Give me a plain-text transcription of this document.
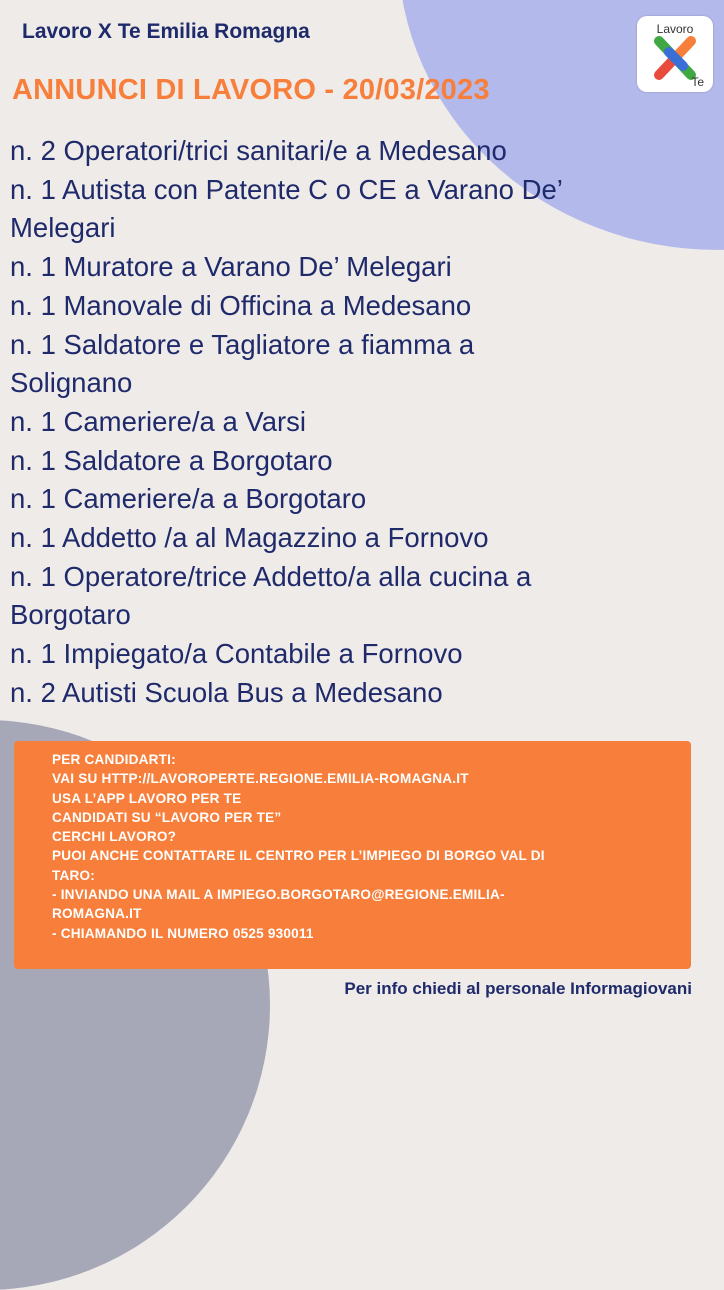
Lavoro X Te Emilia Romagna
ANNUNCI DI LAVORO - 20/03/2023
Lavoro
Te
n. 2 Operatori/trici sanitari/e a Medesano
n. 1 Autista con Patente C o CE a Varano De’
Melegari
n. 1 Muratore a Varano De’ Melegari
n. 1 Manovale di Officina a Medesano
n. 1 Saldatore e Tagliatore a fiamma a
Solignano
n. 1 Cameriere/a a Varsi
n. 1 Saldatore a Borgotaro
n. 1 Cameriere/a a Borgotaro
n. 1 Addetto /a al Magazzino a Fornovo
n. 1 Operatore/trice Addetto/a alla cucina a
Borgotaro
n. 1 Impiegato/a Contabile a Fornovo
n. 2 Autisti Scuola Bus a Medesano
PER CANDIDARTI:
VAI SU HTTP://LAVOROPERTE.REGIONE.EMILIA-ROMAGNA.IT
USA L’APP LAVORO PER TE
CANDIDATI SU “LAVORO PER TE”
CERCHI LAVORO?
PUOI ANCHE CONTATTARE IL CENTRO PER L’IMPIEGO DI BORGO VAL DI
TARO:
- INVIANDO UNA MAIL A IMPIEGO.BORGOTARO@REGIONE.EMILIA-
ROMAGNA.IT
- CHIAMANDO IL NUMERO 0525 930011
Per info chiedi al personale Informagiovani
